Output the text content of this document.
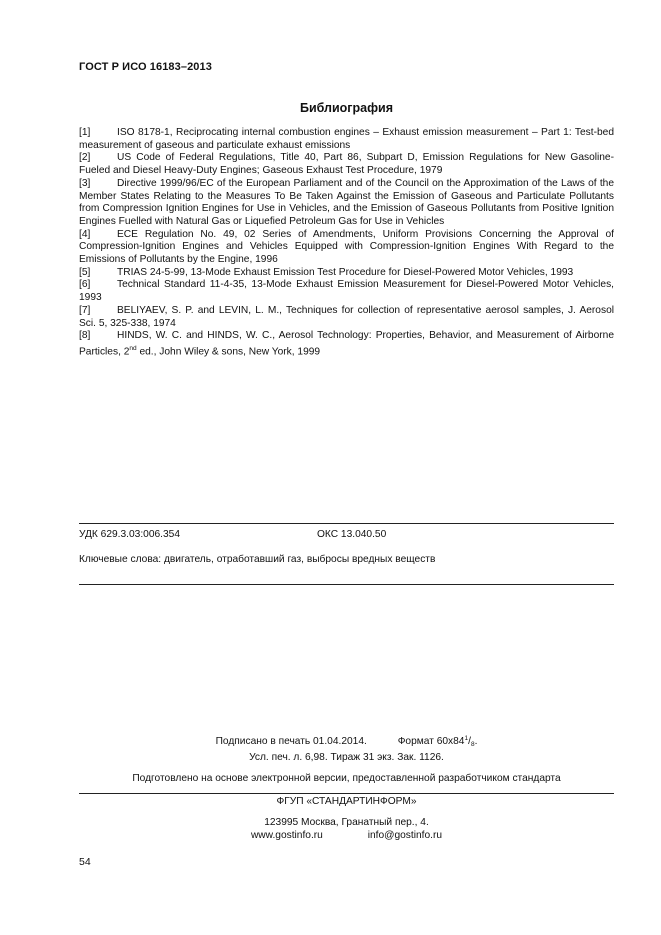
ГОСТ Р ИСО 16183–2013
Библиография

[1]	ISO 8178-1, Reciprocating internal combustion engines – Exhaust emission measurement – Part 1: Test-bed measurement of gaseous and particulate exhaust emissions

[2]	US Code of Federal Regulations, Title 40, Part 86, Subpart D, Emission Regulations for New Gasoline- Fueled and Diesel Heavy-Duty Engines; Gaseous Exhaust Test Procedure, 1979

[3]	Directive 1999/96/EC of the European Parliament and of the Council on the Approximation of the Laws of the Member States Relating to the Measures To Be Taken Against the Emission of Gaseous and Particulate Pollutants from Compression Ignition Engines for Use in Vehicles, and the Emission of Gaseous Pollutants from Positive Ignition Engines Fuelled with Natural Gas or Liquefied Petroleum Gas for Use in Vehicles

[4]	ECE Regulation No. 49, 02 Series of Amendments, Uniform Provisions Concerning the Approval of Compression-Ignition Engines and Vehicles Equipped with Compression-Ignition Engines With Regard to the Emissions of Pollutants by the Engine, 1996

[5]	TRIAS 24-5-99, 13-Mode Exhaust Emission Test Procedure for Diesel-Powered Motor Vehicles, 1993

[6]	Technical Standard 11-4-35, 13-Mode Exhaust Emission Measurement for Diesel-Powered Motor Vehicles, 1993

[7]	BELIYAEV, S. P. and LEVIN, L. M., Techniques for collection of representative aerosol samples, J. Aerosol Sci. 5, 325-338, 1974

[8]	HINDS, W. C. and HINDS, W. C., Aerosol Technology: Properties, Behavior, and Measurement of Airborne Particles, 2nd ed., John Wiley & sons, New York, 1999

УДК 629.3.03:006.354	ОКС 13.040.50
Ключевые слова: двигатель, отработавший газ, выбросы вредных веществ
Подписано в печать 01.04.2014.	Формат $60x84^1/8$.
Усл. печ. л. 6,98. Тираж 31 экз. Зак. 1126.
Подготовлено на основе электронной версии, предоставленной разработчиком стандарта
ФГУП «СТАНДАРТИНФОРМ»
123995 Москва, Гранатный пер., 4.
www.gostinfo.ru	info@gostinfo.ru
54
